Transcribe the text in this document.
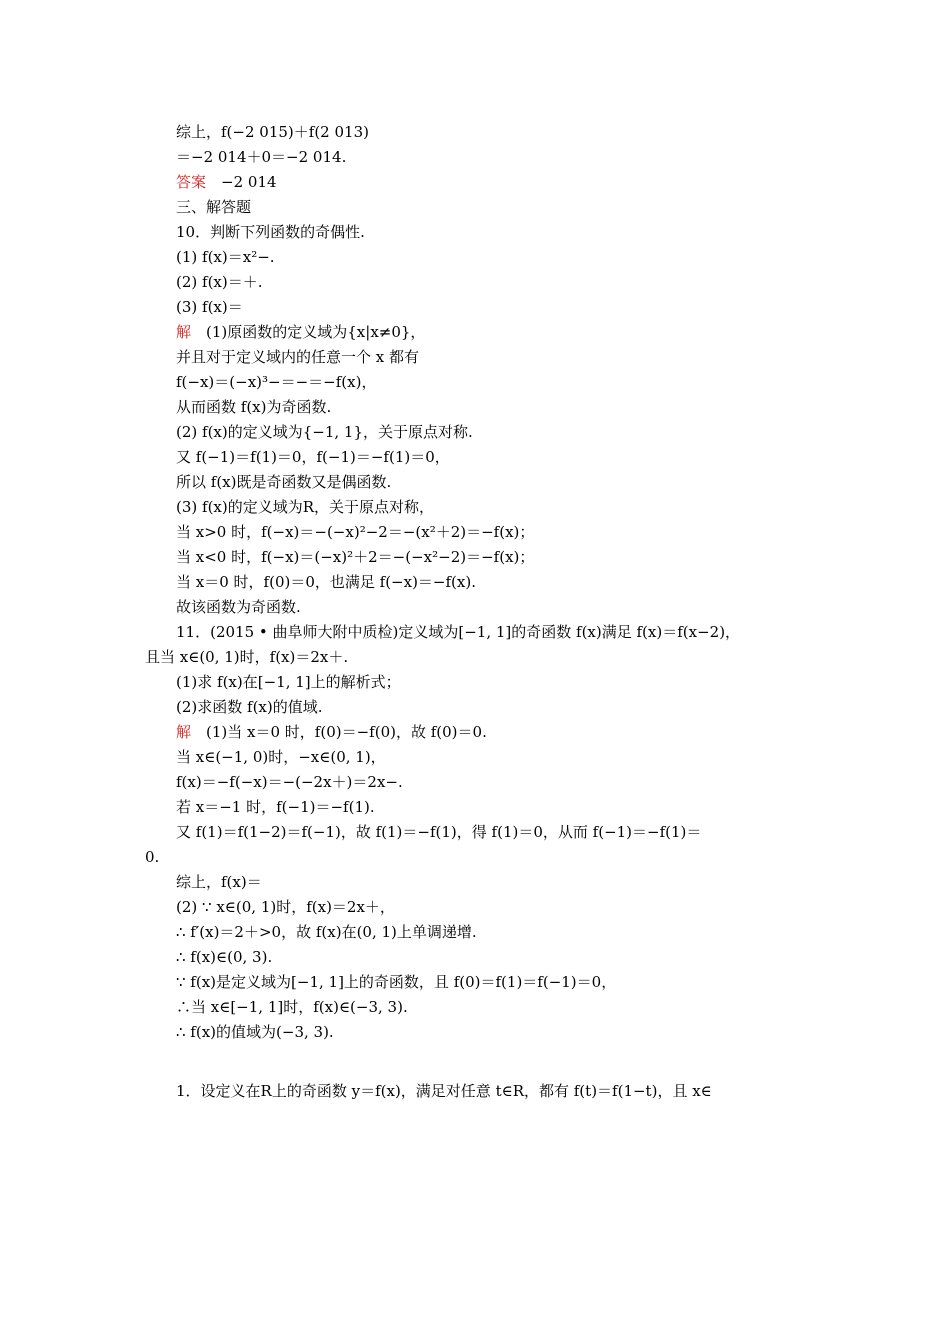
综上，f(−2 015)＋f(2 013)
＝−2 014＋0＝−2 014.
答案　−2 014
三、解答题
10．判断下列函数的奇偶性.
(1) f(x)＝x²−.
(2) f(x)＝＋.
(3) f(x)＝
解　(1)原函数的定义域为{x|x≠0}，
并且对于定义域内的任意一个 x 都有
f(−x)＝(−x)³−＝−＝−f(x)，
从而函数 f(x)为奇函数.
(2) f(x)的定义域为{−1, 1}，关于原点对称.
又 f(−1)＝f(1)＝0，f(−1)＝−f(1)＝0，
所以 f(x)既是奇函数又是偶函数.
(3) f(x)的定义域为R，关于原点对称，
当 x>0 时，f(−x)＝−(−x)²−2＝−(x²＋2)＝−f(x)；
当 x<0 时，f(−x)＝(−x)²＋2＝−(−x²−2)＝−f(x)；
当 x＝0 时，f(0)＝0，也满足 f(−x)＝−f(x).
故该函数为奇函数.
11．(2015 • 曲阜师大附中质检)定义域为[−1, 1]的奇函数 f(x)满足 f(x)＝f(x−2)，
且当 x∈(0, 1)时，f(x)＝2x＋.
(1)求 f(x)在[−1, 1]上的解析式；
(2)求函数 f(x)的值域.
解　(1)当 x＝0 时，f(0)＝−f(0)，故 f(0)＝0.
当 x∈(−1, 0)时，−x∈(0, 1)，
f(x)＝−f(−x)＝−(−2x＋)＝2x−.
若 x＝−1 时，f(−1)＝−f(1).
又 f(1)＝f(1−2)＝f(−1)，故 f(1)＝−f(1)，得 f(1)＝0，从而 f(−1)＝−f(1)＝
0.
综上，f(x)＝
(2) ∵ x∈(0, 1)时，f(x)＝2x＋，
∴ f′(x)＝2＋>0，故 f(x)在(0, 1)上单调递增.
∴ f(x)∈(0, 3).
∵ f(x)是定义域为[−1, 1]上的奇函数，且 f(0)＝f(1)＝f(−1)＝0，
∴当 x∈[−1, 1]时，f(x)∈(−3, 3).
∴ f(x)的值域为(−3, 3).
1．设定义在R上的奇函数 y＝f(x)，满足对任意 t∈R，都有 f(t)＝f(1−t)，且 x∈
